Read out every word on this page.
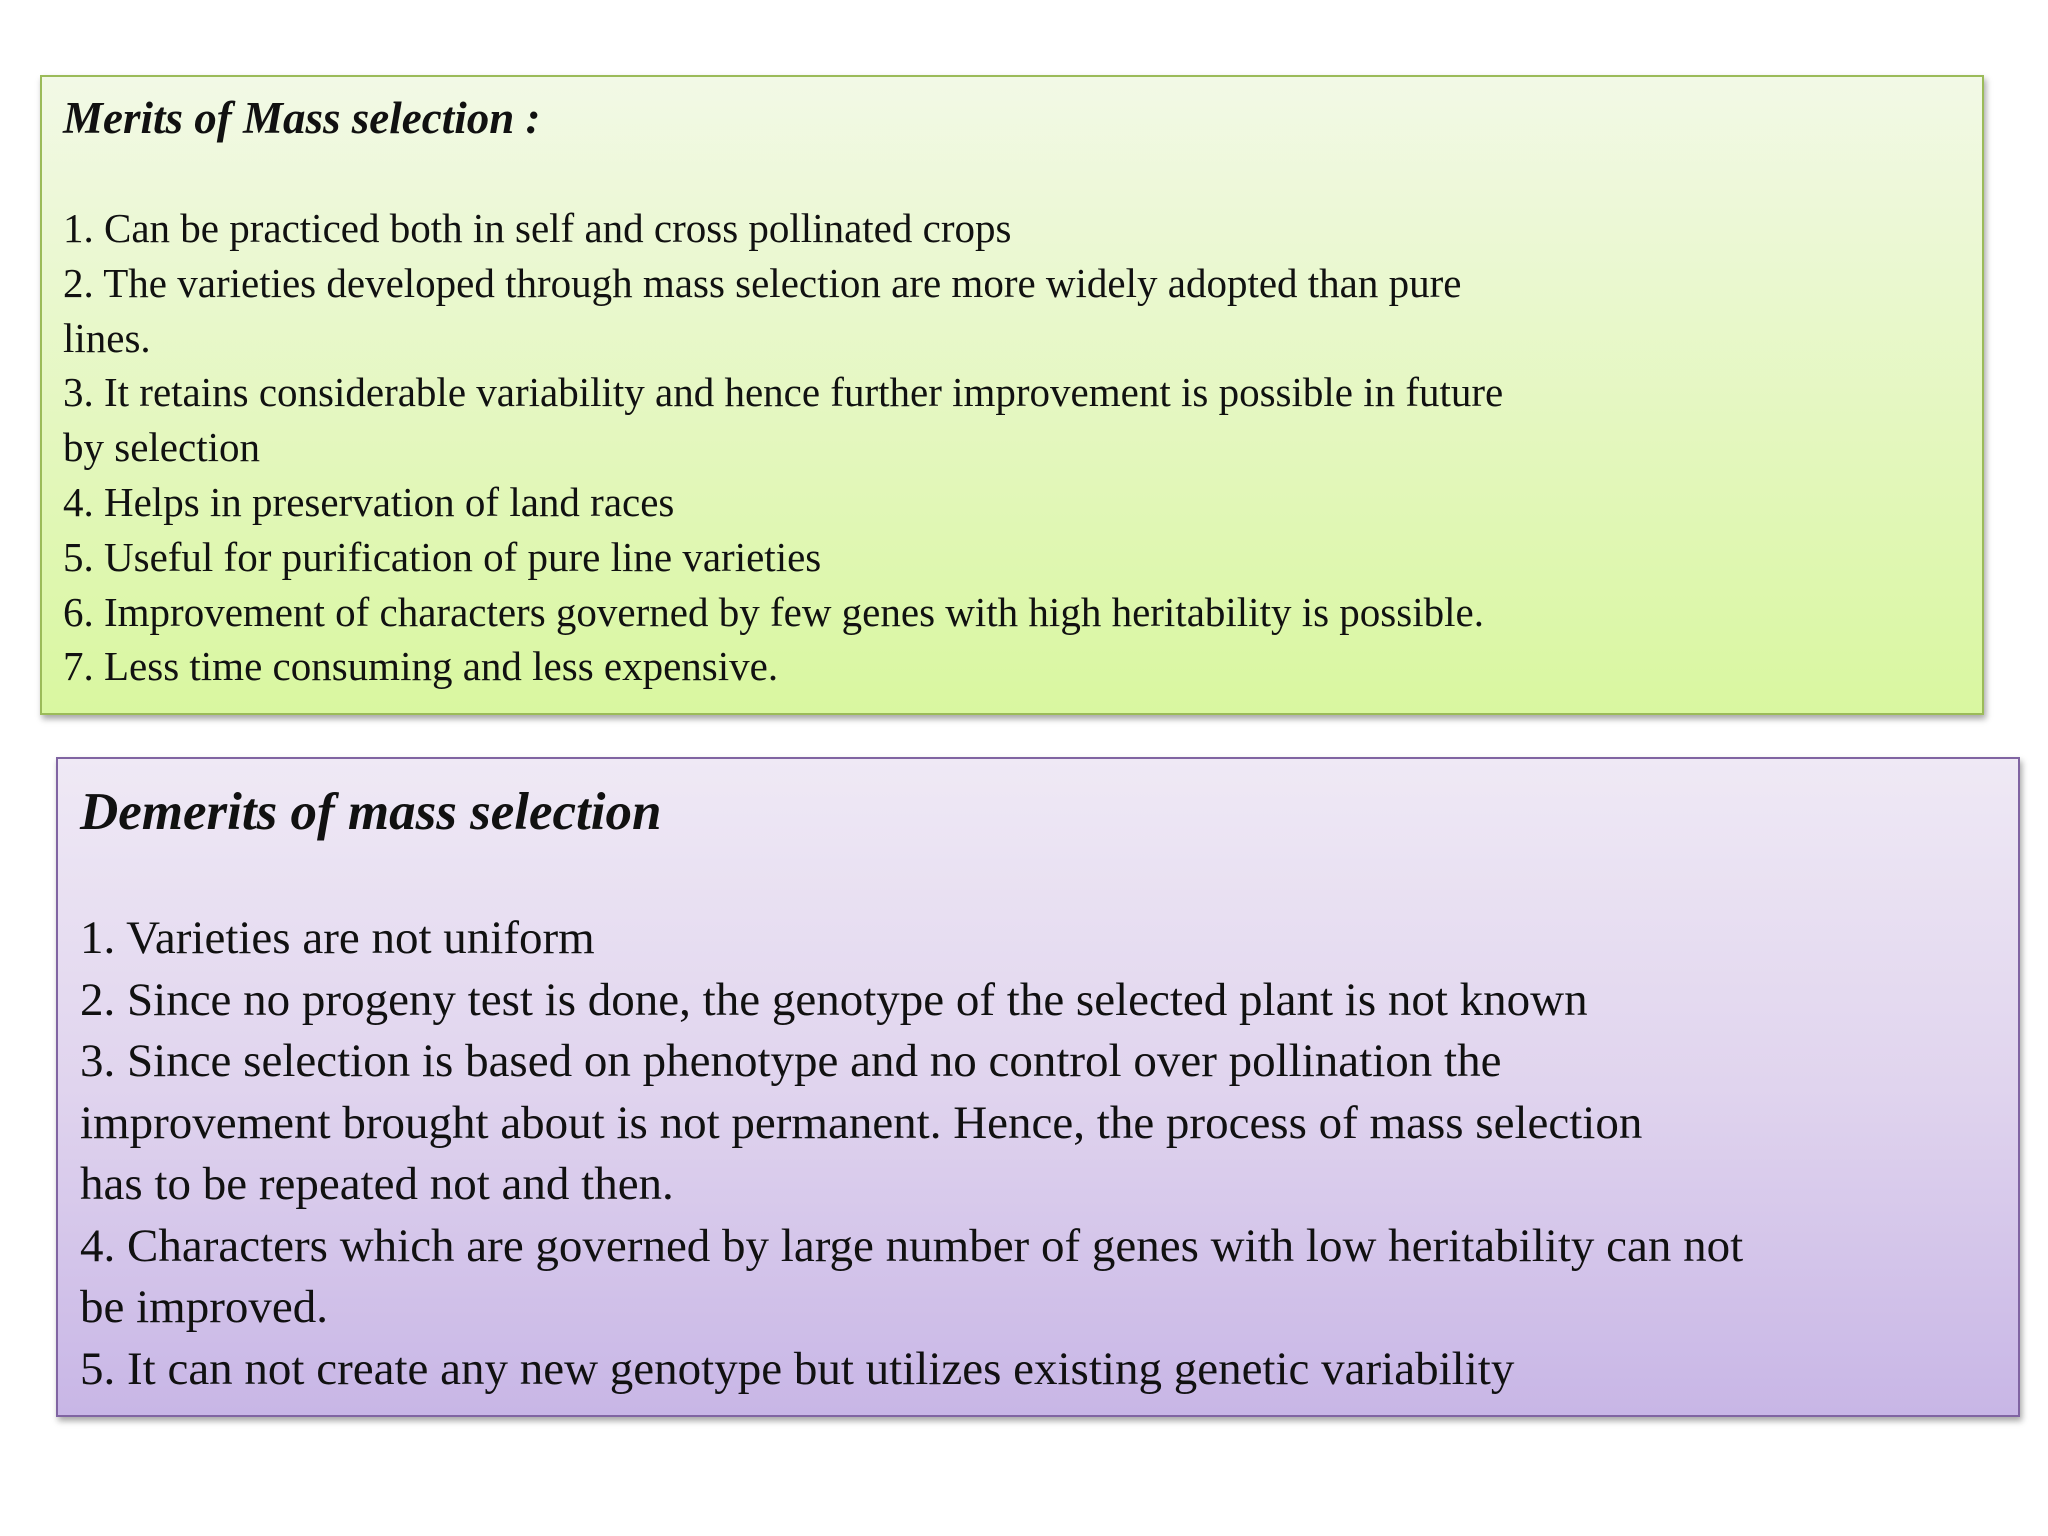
Merits of Mass selection :

1. Can be practiced both in self and cross pollinated crops

2. The varieties developed through mass selection are more widely adopted than pure
lines.

3. It retains considerable variability and hence further improvement is possible in future
by selection

4. Helps in preservation of land races

5. Useful for purification of pure line varieties

6. Improvement of characters governed by few genes with high heritability is possible.

7. Less time consuming and less expensive.

Demerits of mass selection

1. Varieties are not uniform

2. Since no progeny test is done, the genotype of the selected plant is not known

3. Since selection is based on phenotype and no control over pollination the
improvement brought about is not permanent. Hence, the process of mass selection
has to be repeated not and then.

4. Characters which are governed by large number of genes with low heritability can not
be improved.

5. It can not create any new genotype but utilizes existing genetic variability
